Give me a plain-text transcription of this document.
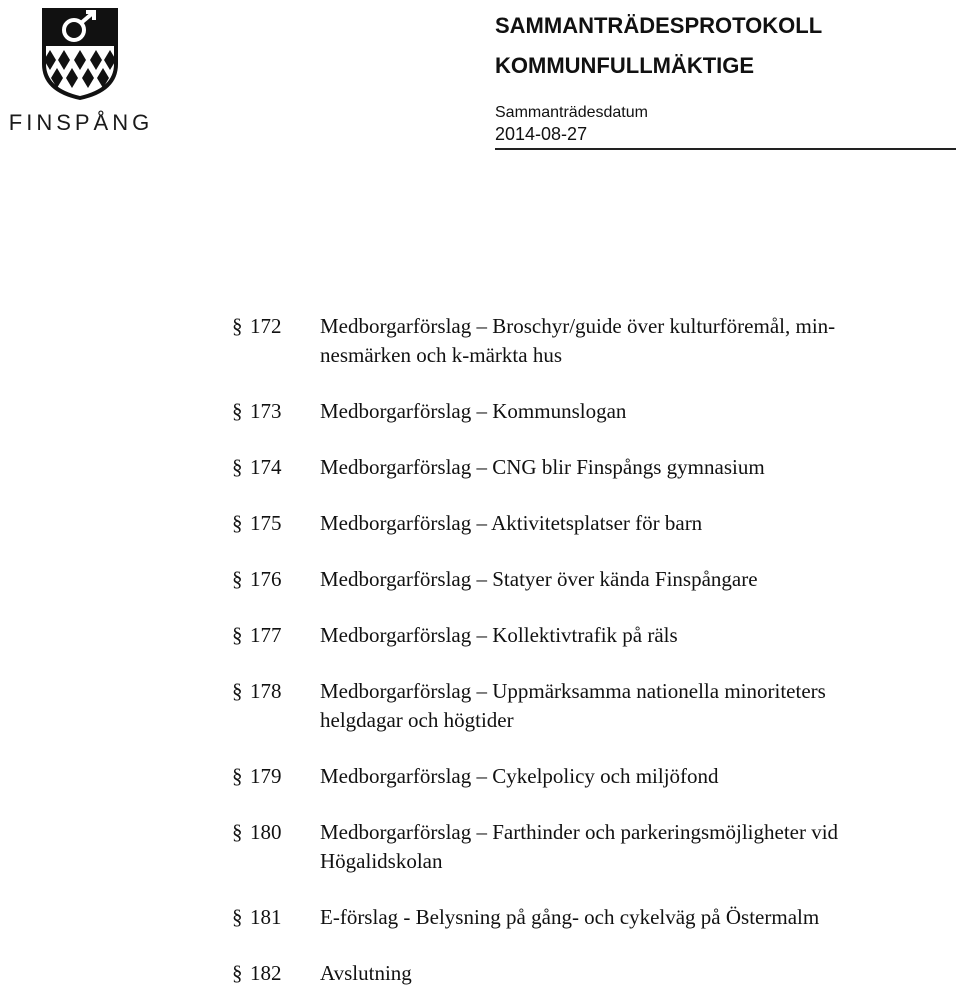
FINSPÅNG
SAMMANTRÄDESPROTOKOLL
KOMMUNFULLMÄKTIGE
Sammanträdesdatum
2014-08-27
§ 172	Medborgarförslag – Broschyr/guide över kulturföremål, min-
nesmärken och k-märkta hus
§ 173	Medborgarförslag – Kommunslogan
§ 174	Medborgarförslag – CNG blir Finspångs gymnasium
§ 175	Medborgarförslag – Aktivitetsplatser för barn
§ 176	Medborgarförslag – Statyer över kända Finspångare
§ 177	Medborgarförslag – Kollektivtrafik på räls
§ 178	Medborgarförslag – Uppmärksamma nationella minoriteters
helgdagar och högtider
§ 179	Medborgarförslag – Cykelpolicy och miljöfond
§ 180	Medborgarförslag – Farthinder och parkeringsmöjligheter vid
Högalidskolan
§ 181	E-förslag - Belysning på gång- och cykelväg på Östermalm
§ 182	Avslutning
